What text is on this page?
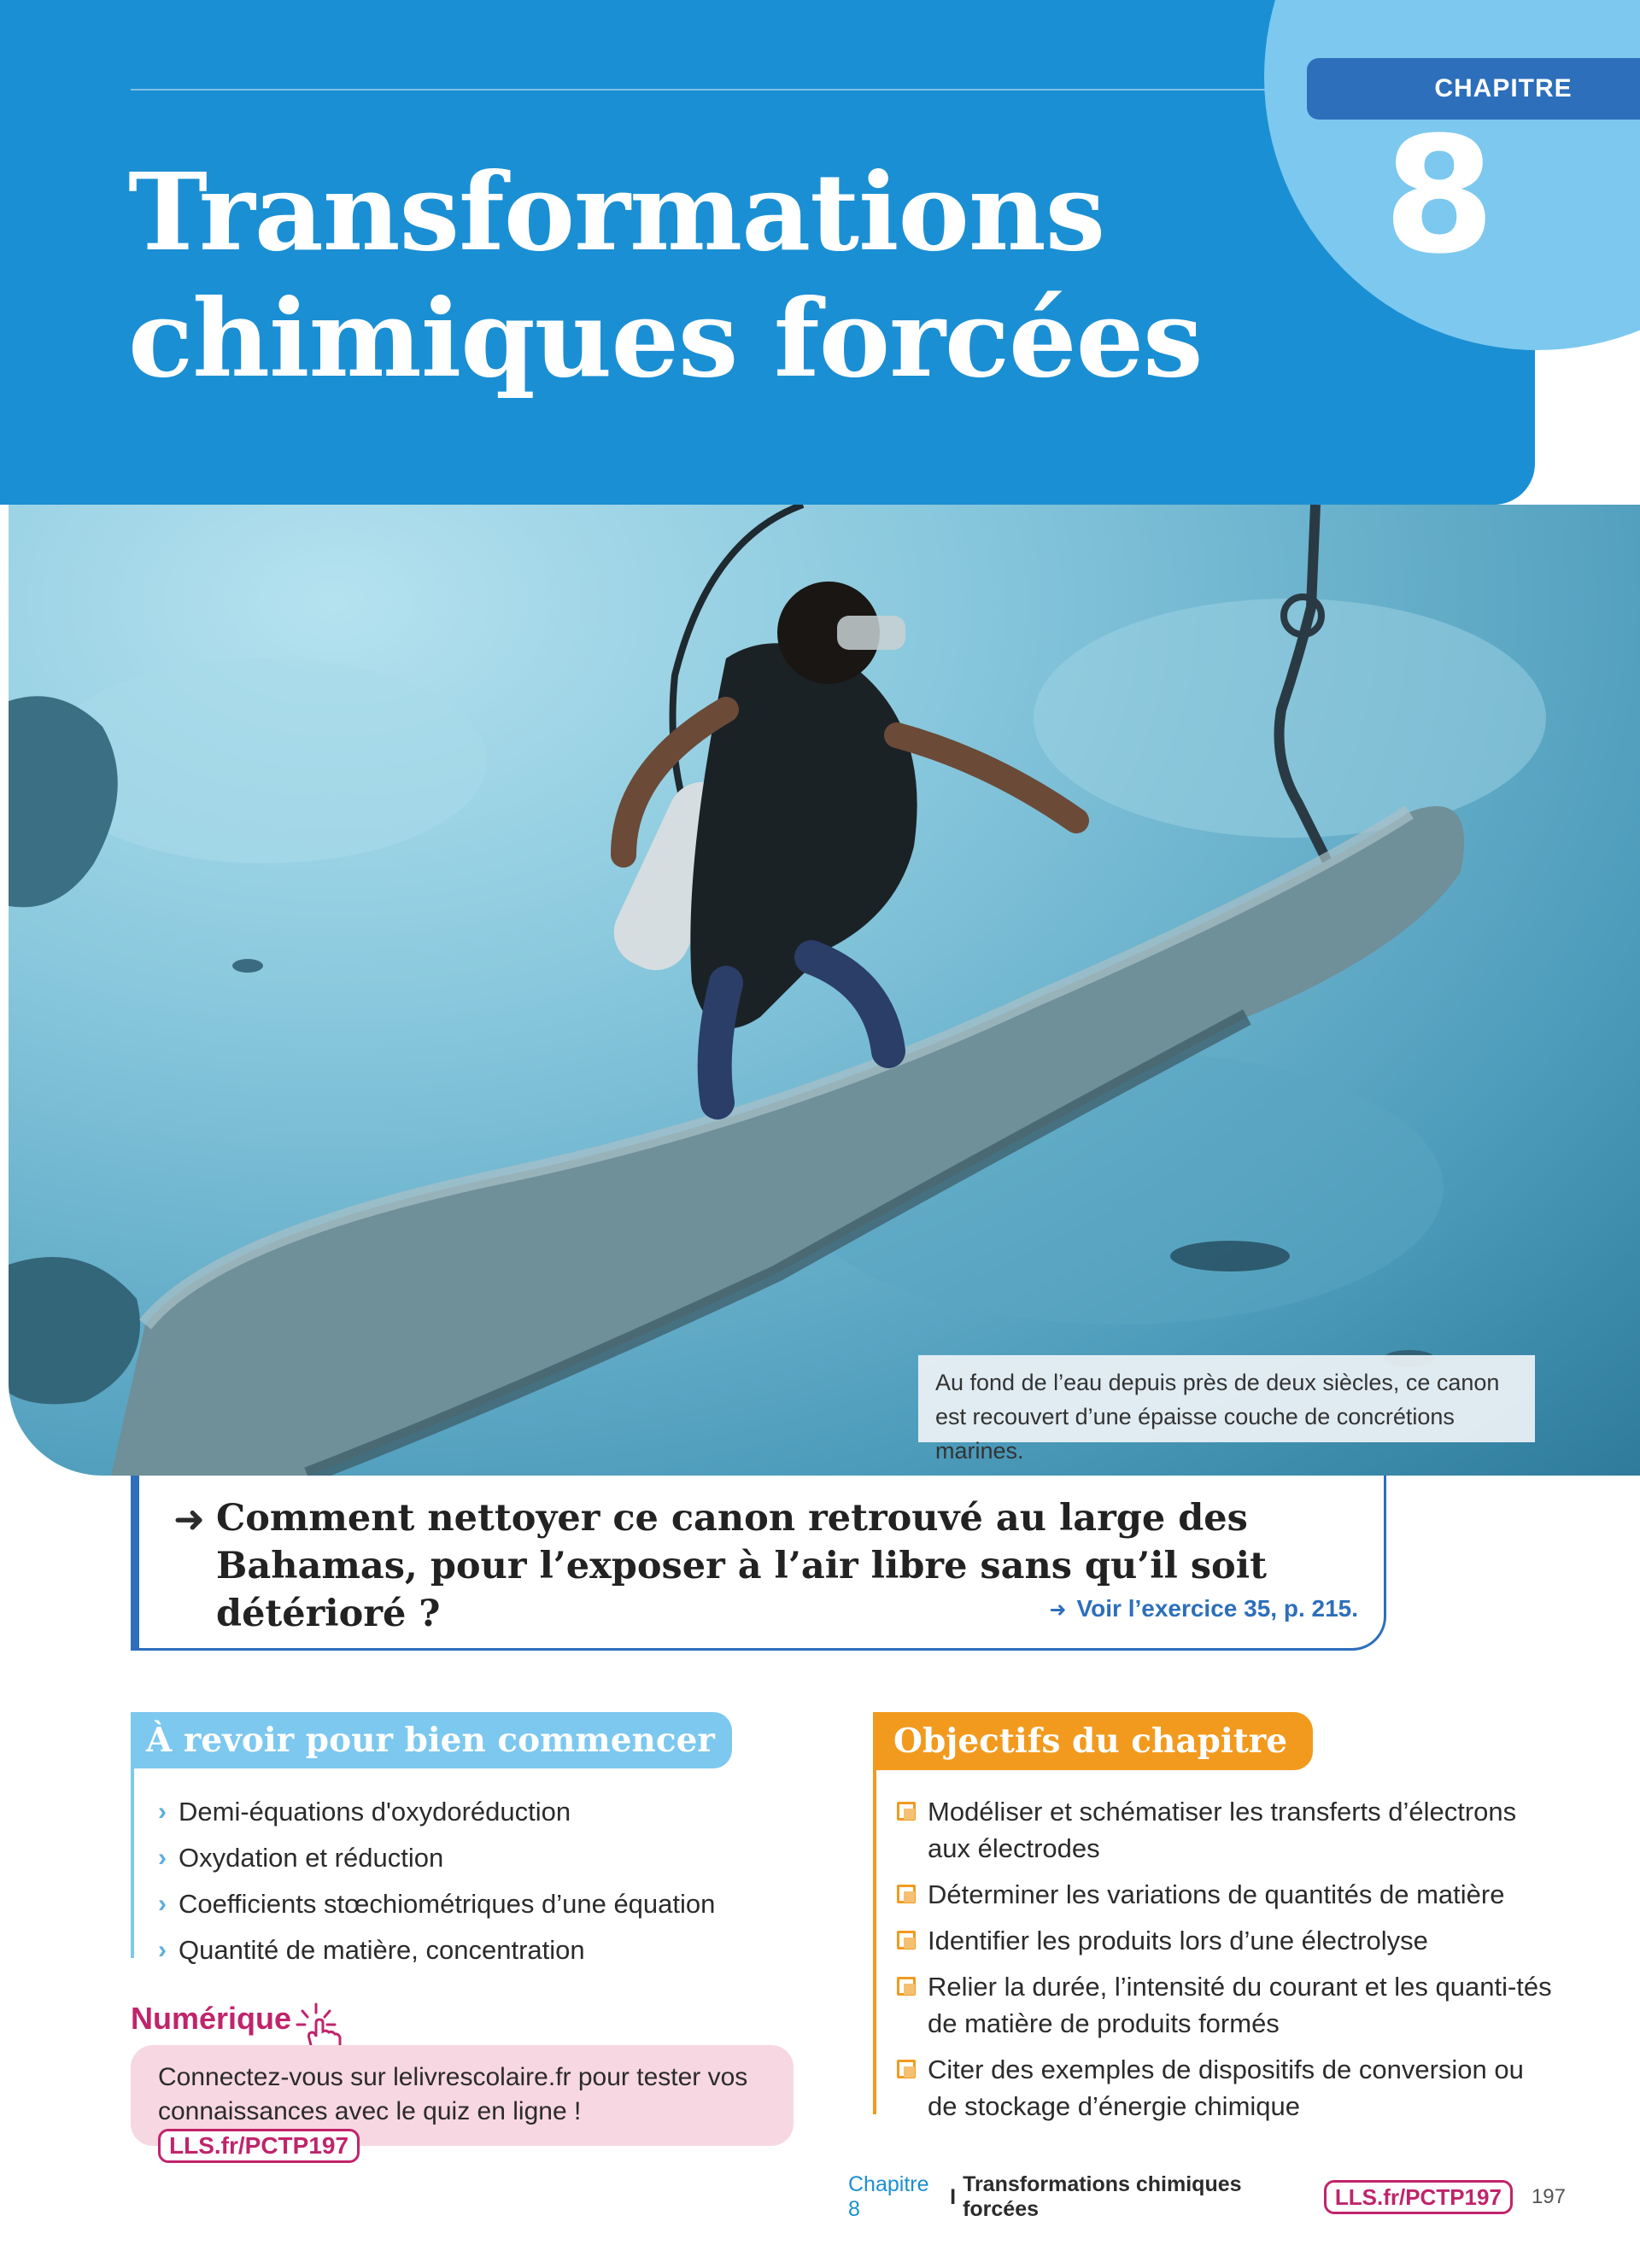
Transformations
chimiques forcées
CHAPITRE
8
Au fond de l’eau depuis près de deux siècles, ce canon est recouvert d’une épaisse couche de concrétions marines.
➜ Comment nettoyer ce canon retrouvé au large des Bahamas, pour l’exposer à l’air libre sans qu’il soit détérioré ?	➜ Voir l’exercice 35, p. 215.
À revoir pour bien commencer
› Demi-équations d'oxydoréduction
› Oxydation et réduction
› Coefficients stœchiométriques d’une équation
› Quantité de matière, concentration
Numérique
Connectez-vous sur lelivrescolaire.fr pour tester vos connaissances avec le quiz en ligne ! LLS.fr/PCTP197
Objectifs du chapitre
Modéliser et schématiser les transferts d’électrons aux électrodes
Déterminer les variations de quantités de matière
Identifier les produits lors d’une électrolyse
Relier la durée, l’intensité du courant et les quanti-tés de matière de produits formés
Citer des exemples de dispositifs de conversion ou de stockage d’énergie chimique
Chapitre 8
I
Transformations chimiques forcées	LLS.fr/PCTP197	197
